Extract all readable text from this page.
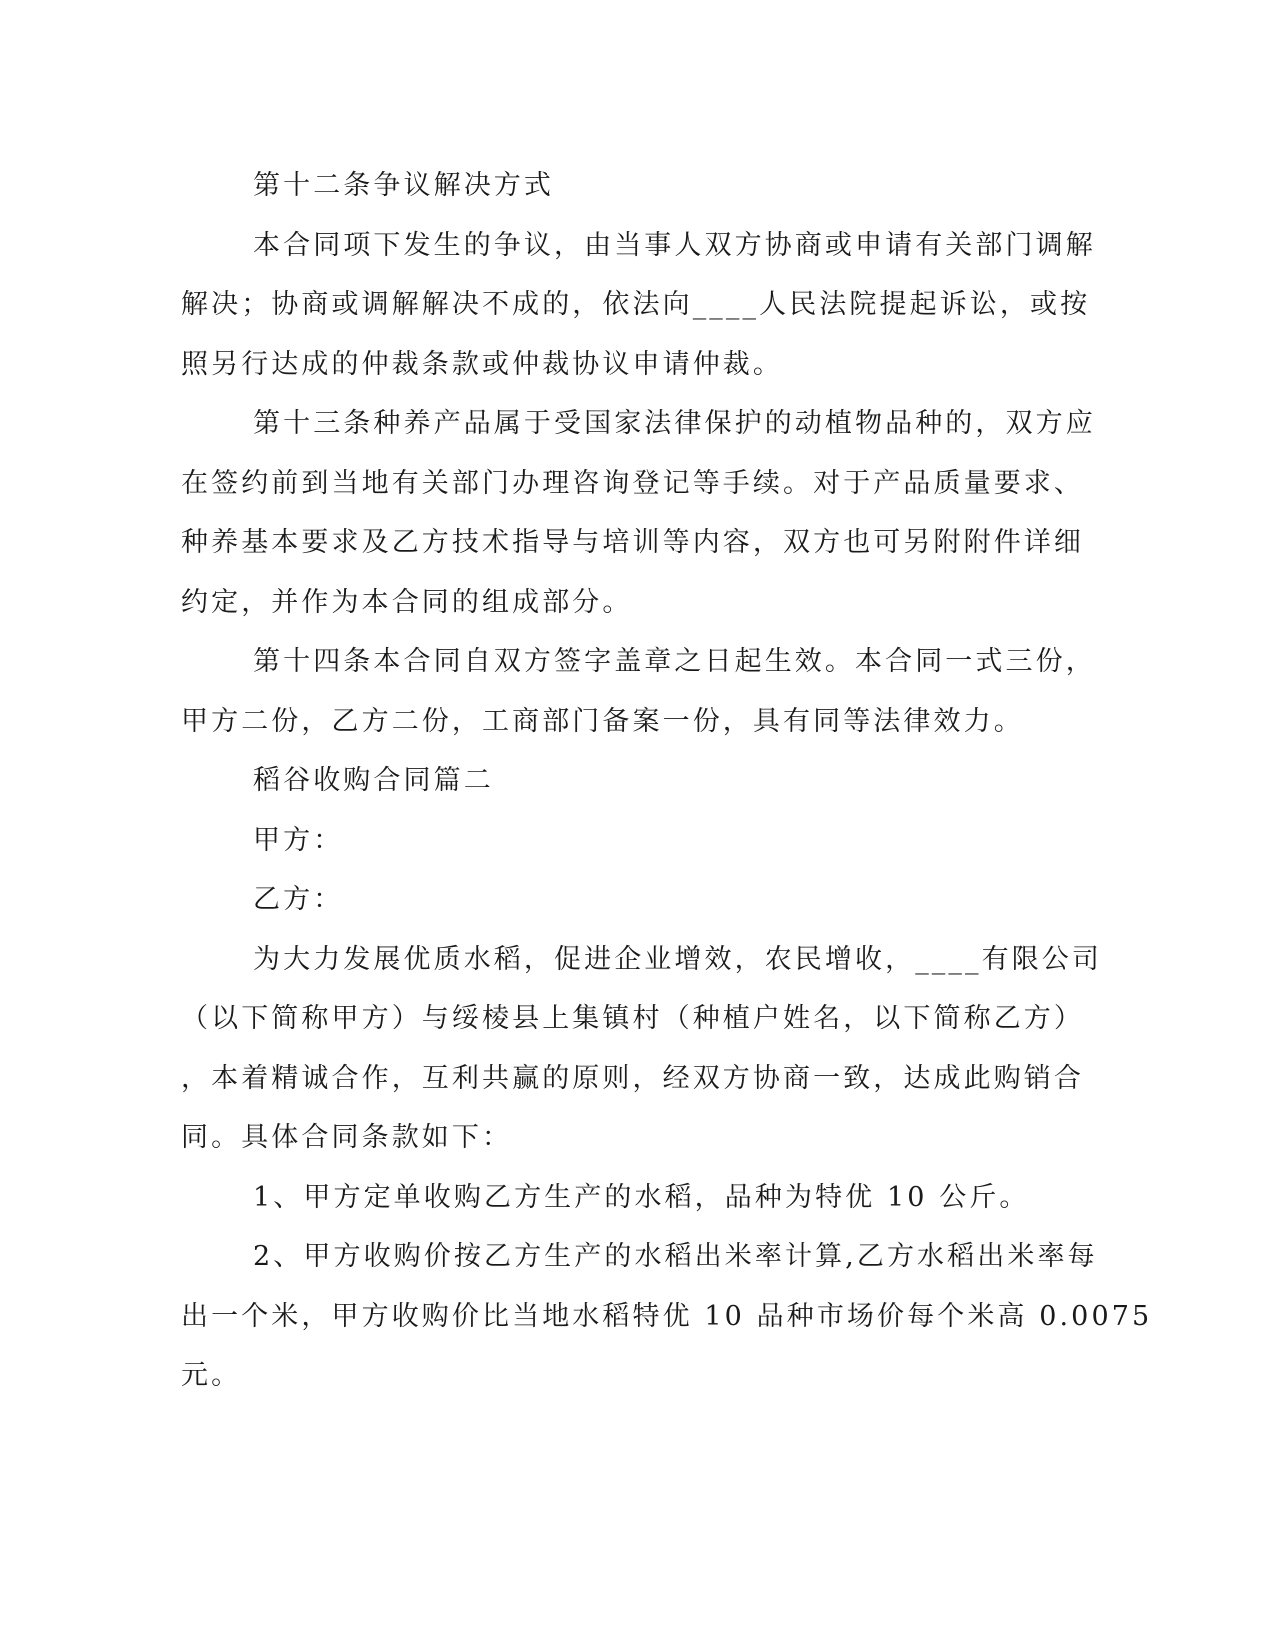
第十二条争议解决方式
本合同项下发生的争议，由当事人双方协商或申请有关部门调解
解决；协商或调解解决不成的，依法向____人民法院提起诉讼，或按
照另行达成的仲裁条款或仲裁协议申请仲裁。
第十三条种养产品属于受国家法律保护的动植物品种的，双方应
在签约前到当地有关部门办理咨询登记等手续。对于产品质量要求、
种养基本要求及乙方技术指导与培训等内容，双方也可另附附件详细
约定，并作为本合同的组成部分。
第十四条本合同自双方签字盖章之日起生效。本合同一式三份，
甲方二份，乙方二份，工商部门备案一份，具有同等法律效力。
稻谷收购合同篇二
甲方：
乙方：
为大力发展优质水稻，促进企业增效，农民增收，____有限公司
（以下简称甲方）与绥棱县上集镇村（种植户姓名，以下简称乙方）
，本着精诚合作，互利共赢的原则，经双方协商一致，达成此购销合
同。具体合同条款如下：
1、甲方定单收购乙方生产的水稻，品种为特优 10 公斤。
2、甲方收购价按乙方生产的水稻出米率计算,乙方水稻出米率每
出一个米，甲方收购价比当地水稻特优 10 品种市场价每个米高 0.0075
元。
